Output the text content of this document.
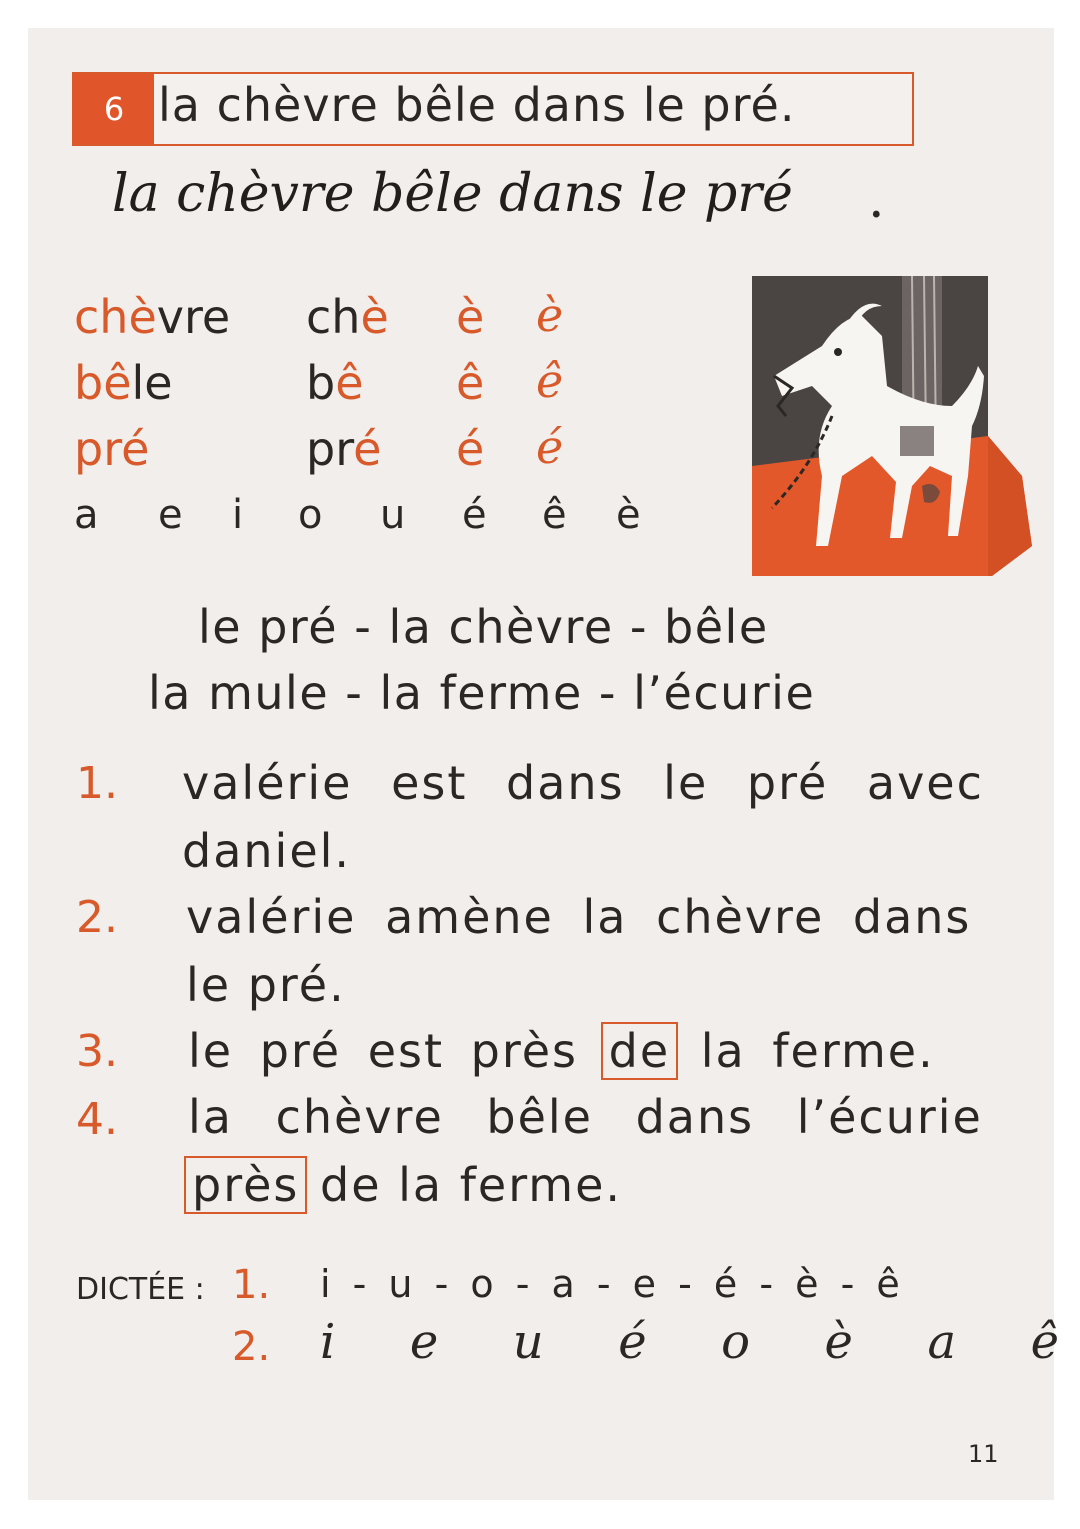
6 la chèvre bêle dans le pré.
la chèvre bêle dans le pré .
chèvre chè è è
bêle	bê ê ê
pré	pré é é
a e i o u é ê è
le pré - la chèvre - bêle
la mule - la ferme - l’écurie
1. valérie est dans le pré avec
daniel.
2. valérie amène la chèvre dans
le pré.
3. le pré est près de la ferme.
4. la chèvre bêle dans l’écurie
près de la ferme.
DICTÉE : 1. i - u - o - a - e - é - è - ê
2. i  e  u  é  o  è  a  ê
11
